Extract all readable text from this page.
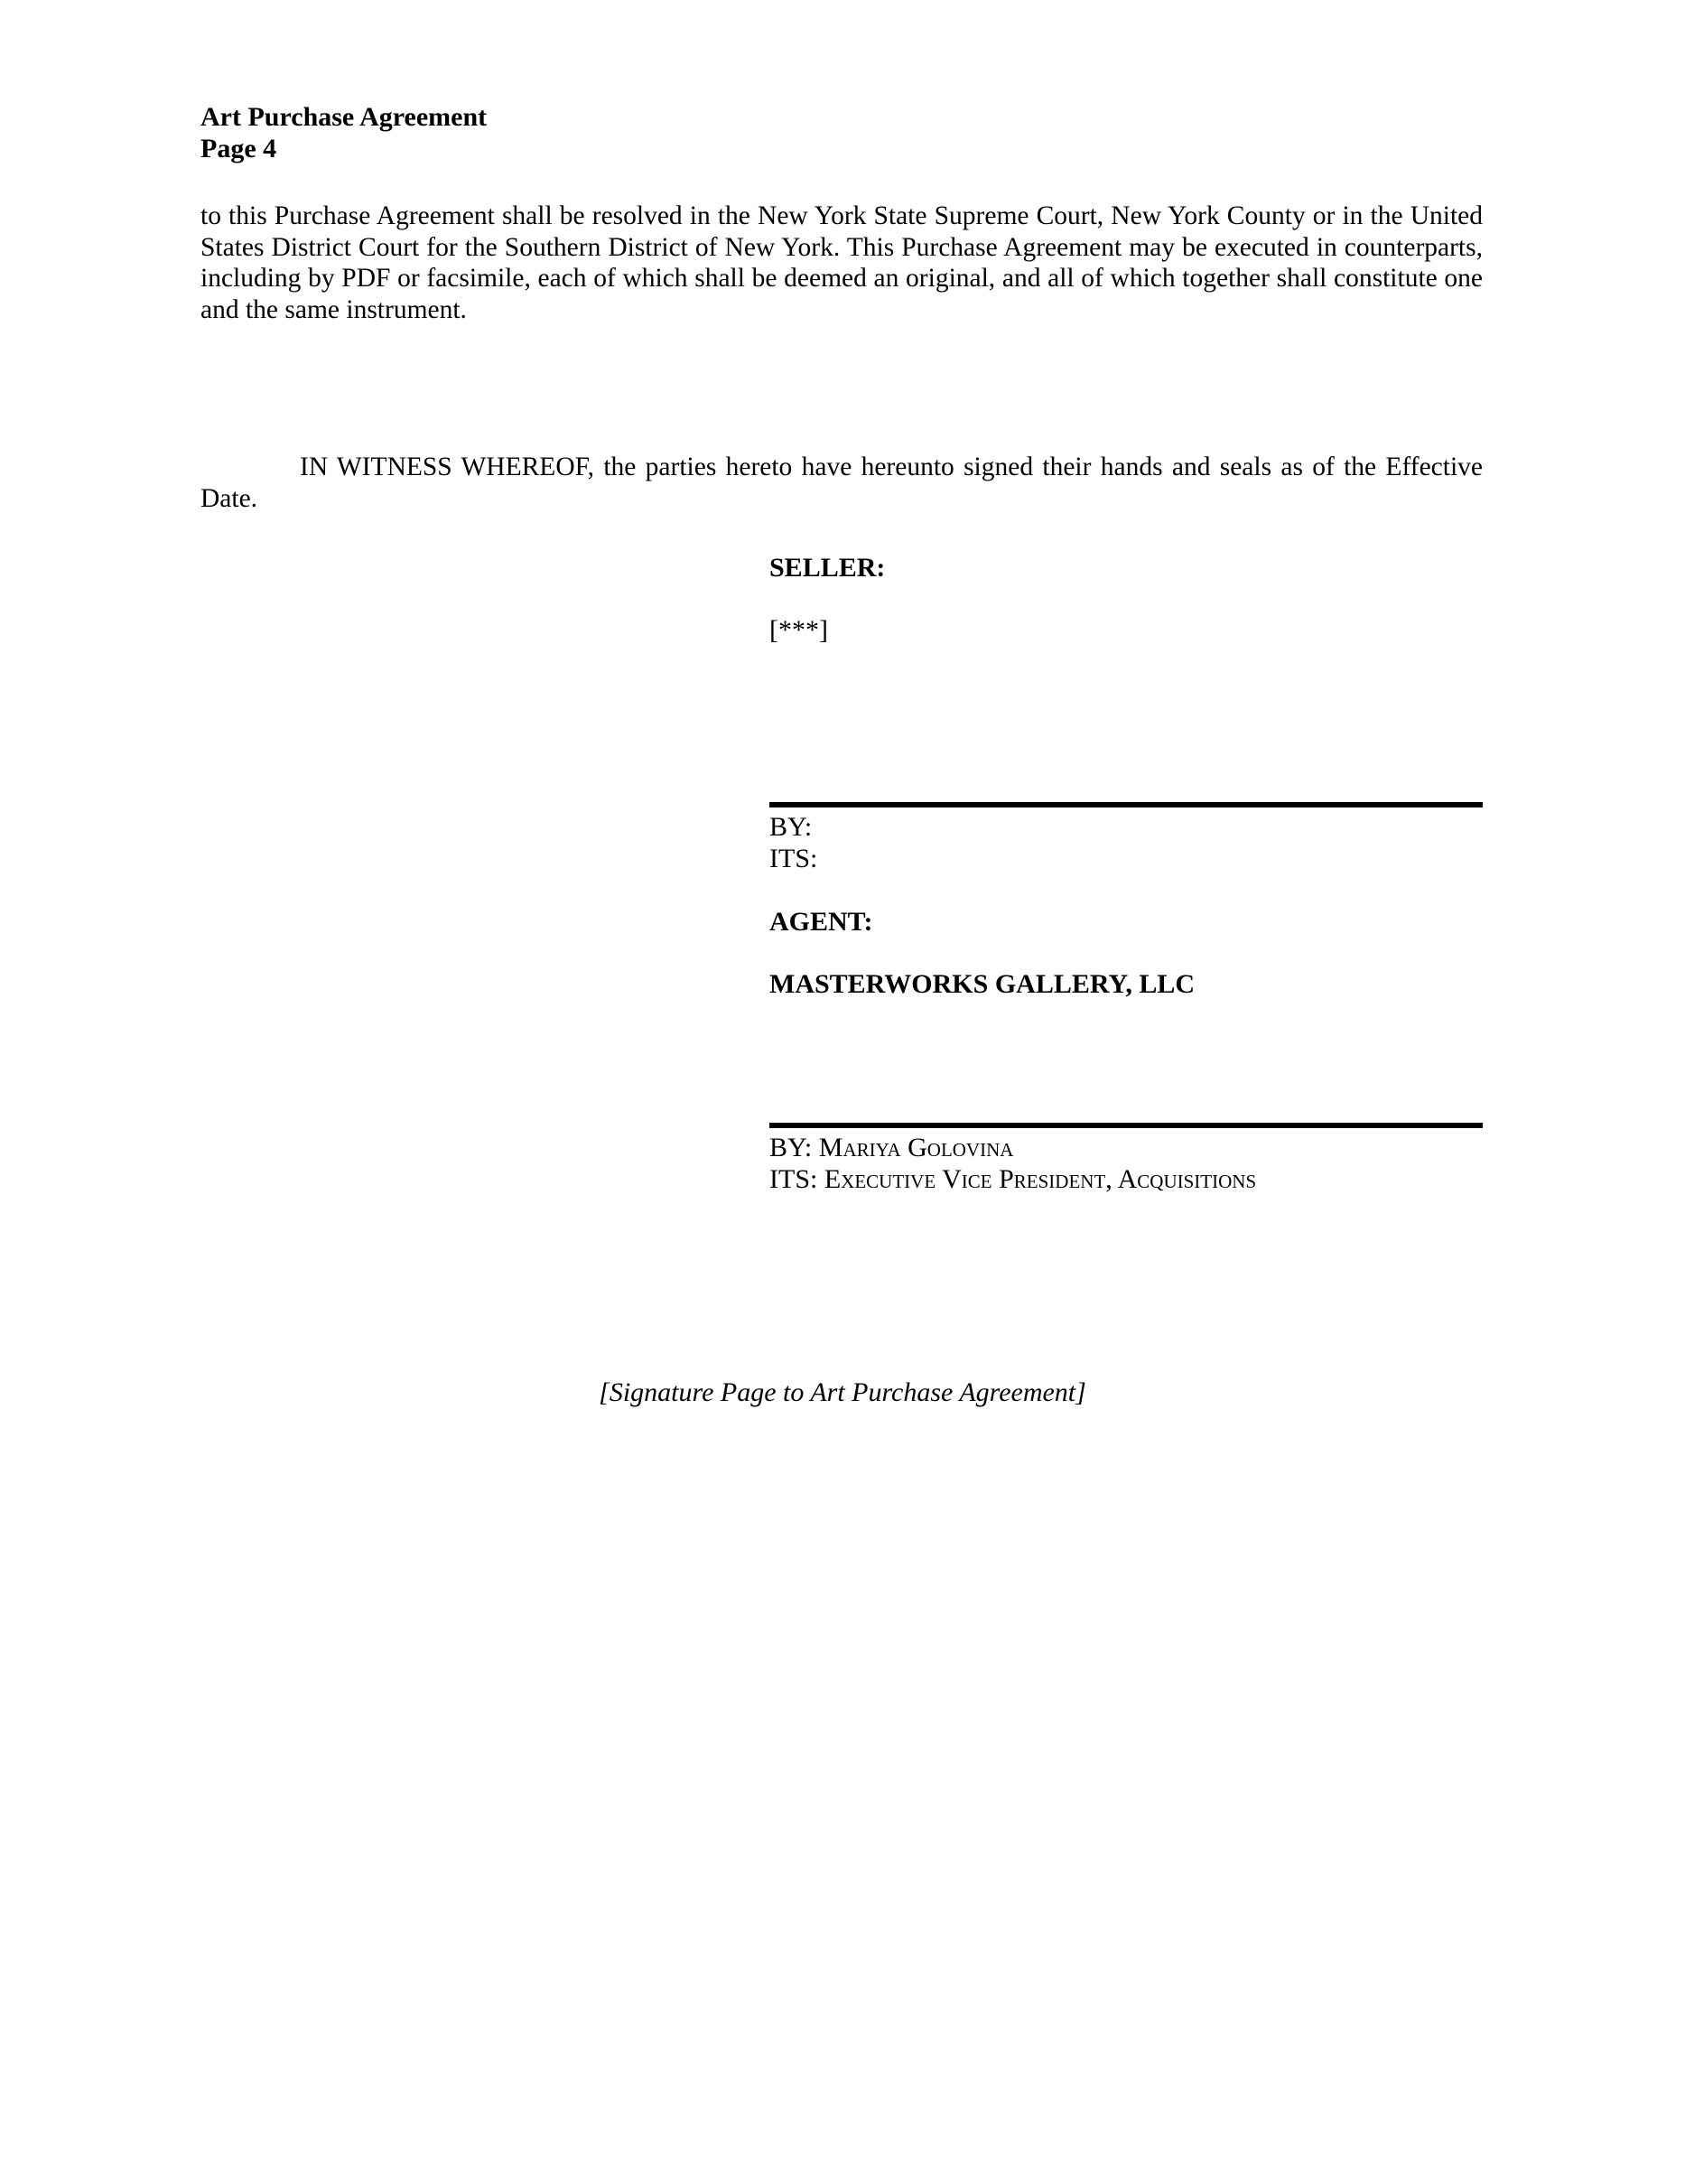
Art Purchase Agreement
Page 4
to this Purchase Agreement shall be resolved in the New York State Supreme Court, New York County or in the United States District Court for the Southern District of New York. This Purchase Agreement may be executed in counterparts, including by PDF or facsimile, each of which shall be deemed an original, and all of which together shall constitute one and the same instrument.
IN WITNESS WHEREOF, the parties hereto have hereunto signed their hands and seals as of the Effective Date.
SELLER:
[***]
BY:
ITS:
AGENT:
MASTERWORKS GALLERY, LLC
BY: Mariya Golovina
ITS: Executive Vice President, Acquisitions
[Signature Page to Art Purchase Agreement]
